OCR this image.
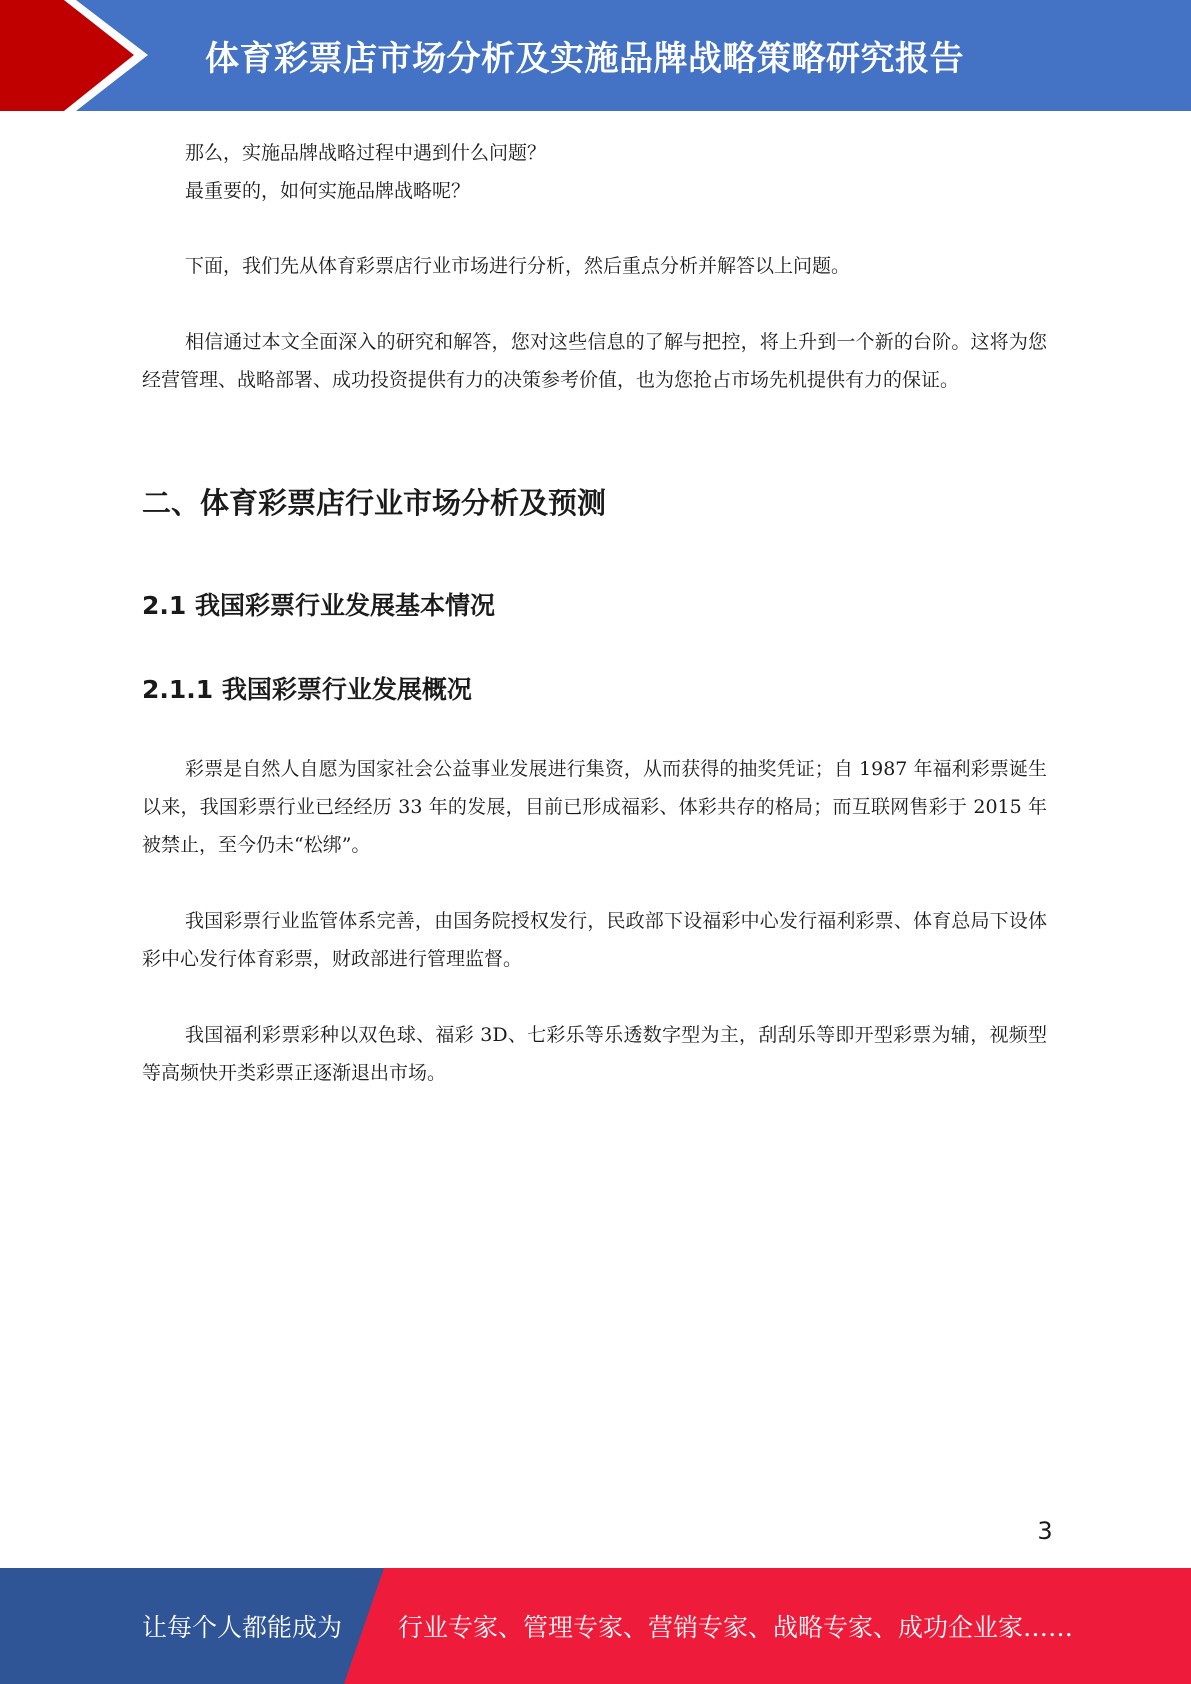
体育彩票店市场分析及实施品牌战略策略研究报告

那么，实施品牌战略过程中遇到什么问题？

最重要的，如何实施品牌战略呢？

下面，我们先从体育彩票店行业市场进行分析，然后重点分析并解答以上问题。

相信通过本文全面深入的研究和解答，您对这些信息的了解与把控，将上升到一个新的台阶。这将为您经营管理、战略部署、成功投资提供有力的决策参考价值，也为您抢占市场先机提供有力的保证。

二、体育彩票店行业市场分析及预测
2.1 我国彩票行业发展基本情况
2.1.1 我国彩票行业发展概况

彩票是自然人自愿为国家社会公益事业发展进行集资，从而获得的抽奖凭证；自 1987 年福利彩票诞生以来，我国彩票行业已经经历 33 年的发展，目前已形成福彩、体彩共存的格局；而互联网售彩于 2015 年被禁止，至今仍未“松绑”。

我国彩票行业监管体系完善，由国务院授权发行，民政部下设福彩中心发行福利彩票、体育总局下设体彩中心发行体育彩票，财政部进行管理监督。

我国福利彩票彩种以双色球、福彩 3D、七彩乐等乐透数字型为主，刮刮乐等即开型彩票为辅，视频型等高频快开类彩票正逐渐退出市场。

3
让每个人都能成为 行业专家、管理专家、营销专家、战略专家、成功企业家……
